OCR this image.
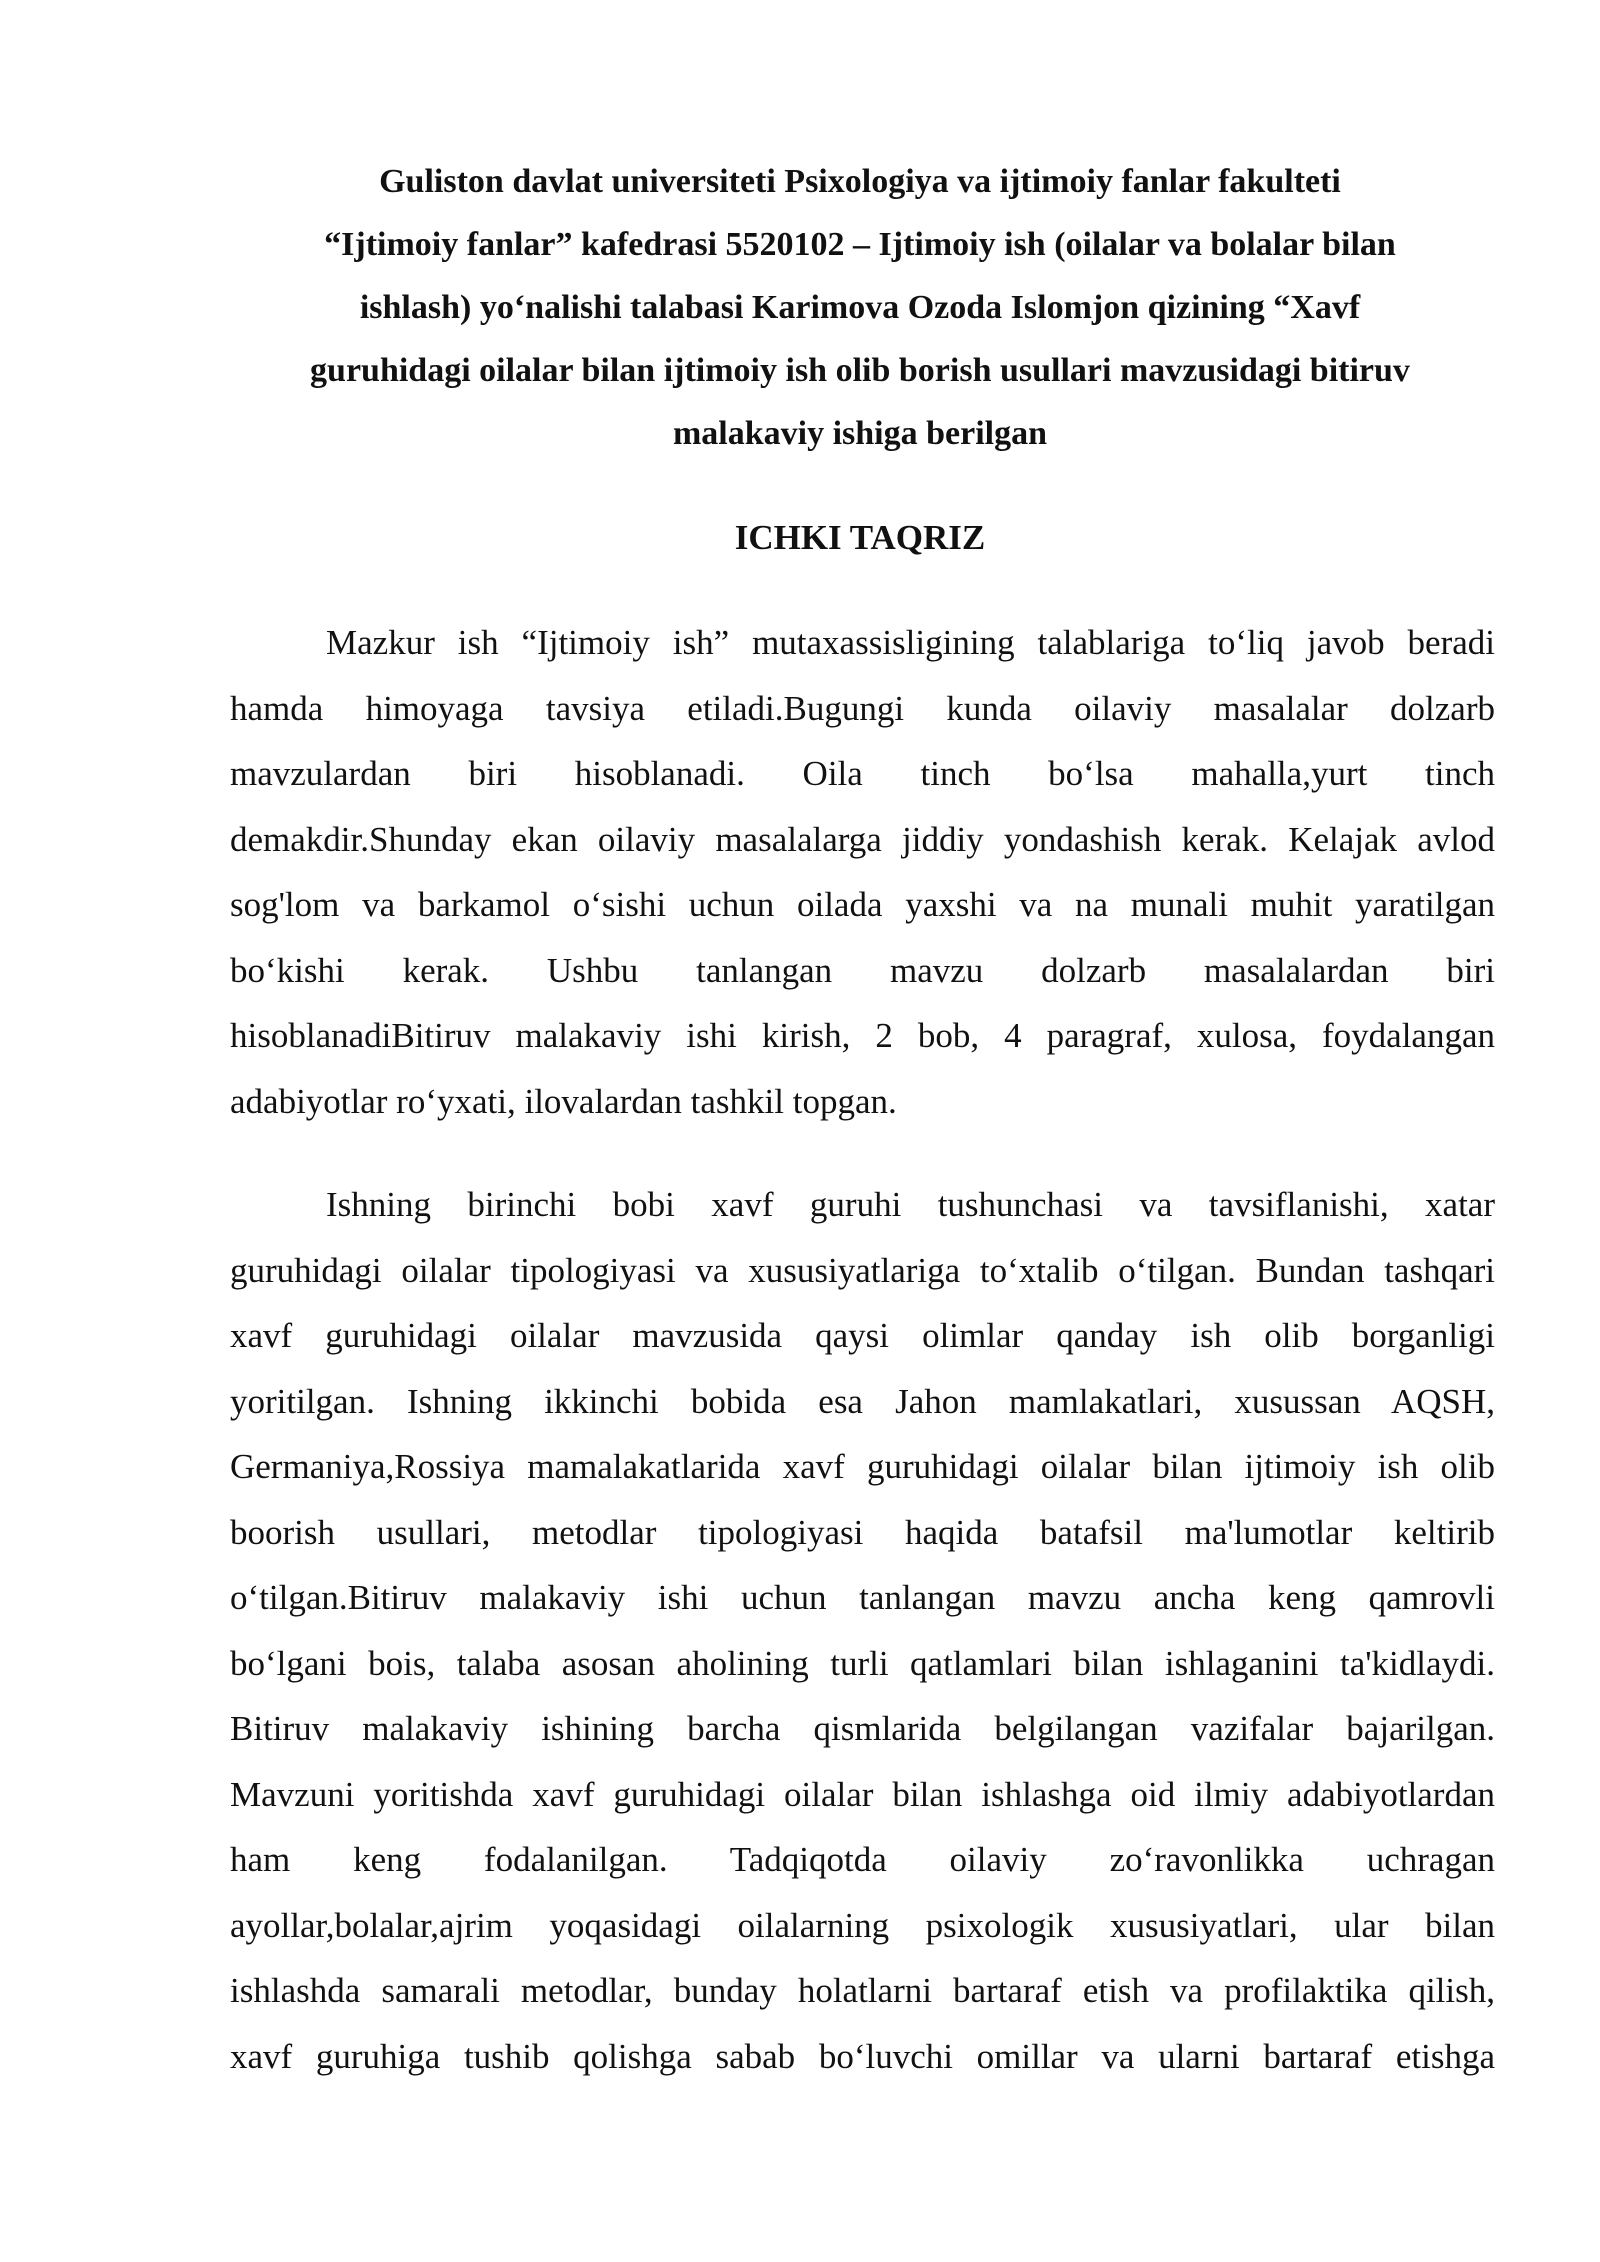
Guliston davlat universiteti Psixologiya va ijtimoiy fanlar fakulteti
“Ijtimoiy fanlar” kafedrasi 5520102 – Ijtimoiy ish (oilalar va bolalar bilan
ishlash) yo‘nalishi talabasi Karimova Ozoda Islomjon qizining “Xavf
guruhidagi oilalar bilan ijtimoiy ish olib borish usullari mavzusidagi bitiruv
malakaviy ishiga berilgan
ICHKI TAQRIZ
Mazkur ish “Ijtimoiy ish” mutaxassisligining talablariga to‘liq javob beradi
hamda himoyaga tavsiya etiladi.Bugungi kunda oilaviy masalalar dolzarb
mavzulardan biri hisoblanadi. Oila tinch bo‘lsa mahalla,yurt tinch
demakdir.Shunday ekan oilaviy masalalarga jiddiy yondashish kerak. Kelajak avlod
sog'lom va barkamol o‘sishi uchun oilada yaxshi va na munali muhit yaratilgan
bo‘kishi kerak. Ushbu tanlangan mavzu dolzarb masalalardan biri
hisoblanadiBitiruv malakaviy ishi kirish, 2 bob, 4 paragraf, xulosa, foydalangan
adabiyotlar ro‘yxati, ilovalardan tashkil topgan.
Ishning birinchi bobi xavf guruhi tushunchasi va tavsiflanishi, xatar
guruhidagi oilalar tipologiyasi va xususiyatlariga to‘xtalib o‘tilgan. Bundan tashqari
xavf guruhidagi oilalar mavzusida qaysi olimlar qanday ish olib borganligi
yoritilgan. Ishning ikkinchi bobida esa Jahon mamlakatlari, xusussan AQSH,
Germaniya,Rossiya mamalakatlarida xavf guruhidagi oilalar bilan ijtimoiy ish olib
boorish usullari, metodlar tipologiyasi haqida batafsil ma'lumotlar keltirib
o‘tilgan.Bitiruv malakaviy ishi uchun tanlangan mavzu ancha keng qamrovli
bo‘lgani bois, talaba asosan aholining turli qatlamlari bilan ishlaganini ta'kidlaydi.
Bitiruv malakaviy ishining barcha qismlarida belgilangan vazifalar bajarilgan.
Mavzuni yoritishda xavf guruhidagi oilalar bilan ishlashga oid ilmiy adabiyotlardan
ham keng fodalanilgan. Tadqiqotda oilaviy zo‘ravonlikka uchragan
ayollar,bolalar,ajrim yoqasidagi oilalarning psixologik xususiyatlari, ular bilan
ishlashda samarali metodlar, bunday holatlarni bartaraf etish va profilaktika qilish,
xavf guruhiga tushib qolishga sabab bo‘luvchi omillar va ularni bartaraf etishga
